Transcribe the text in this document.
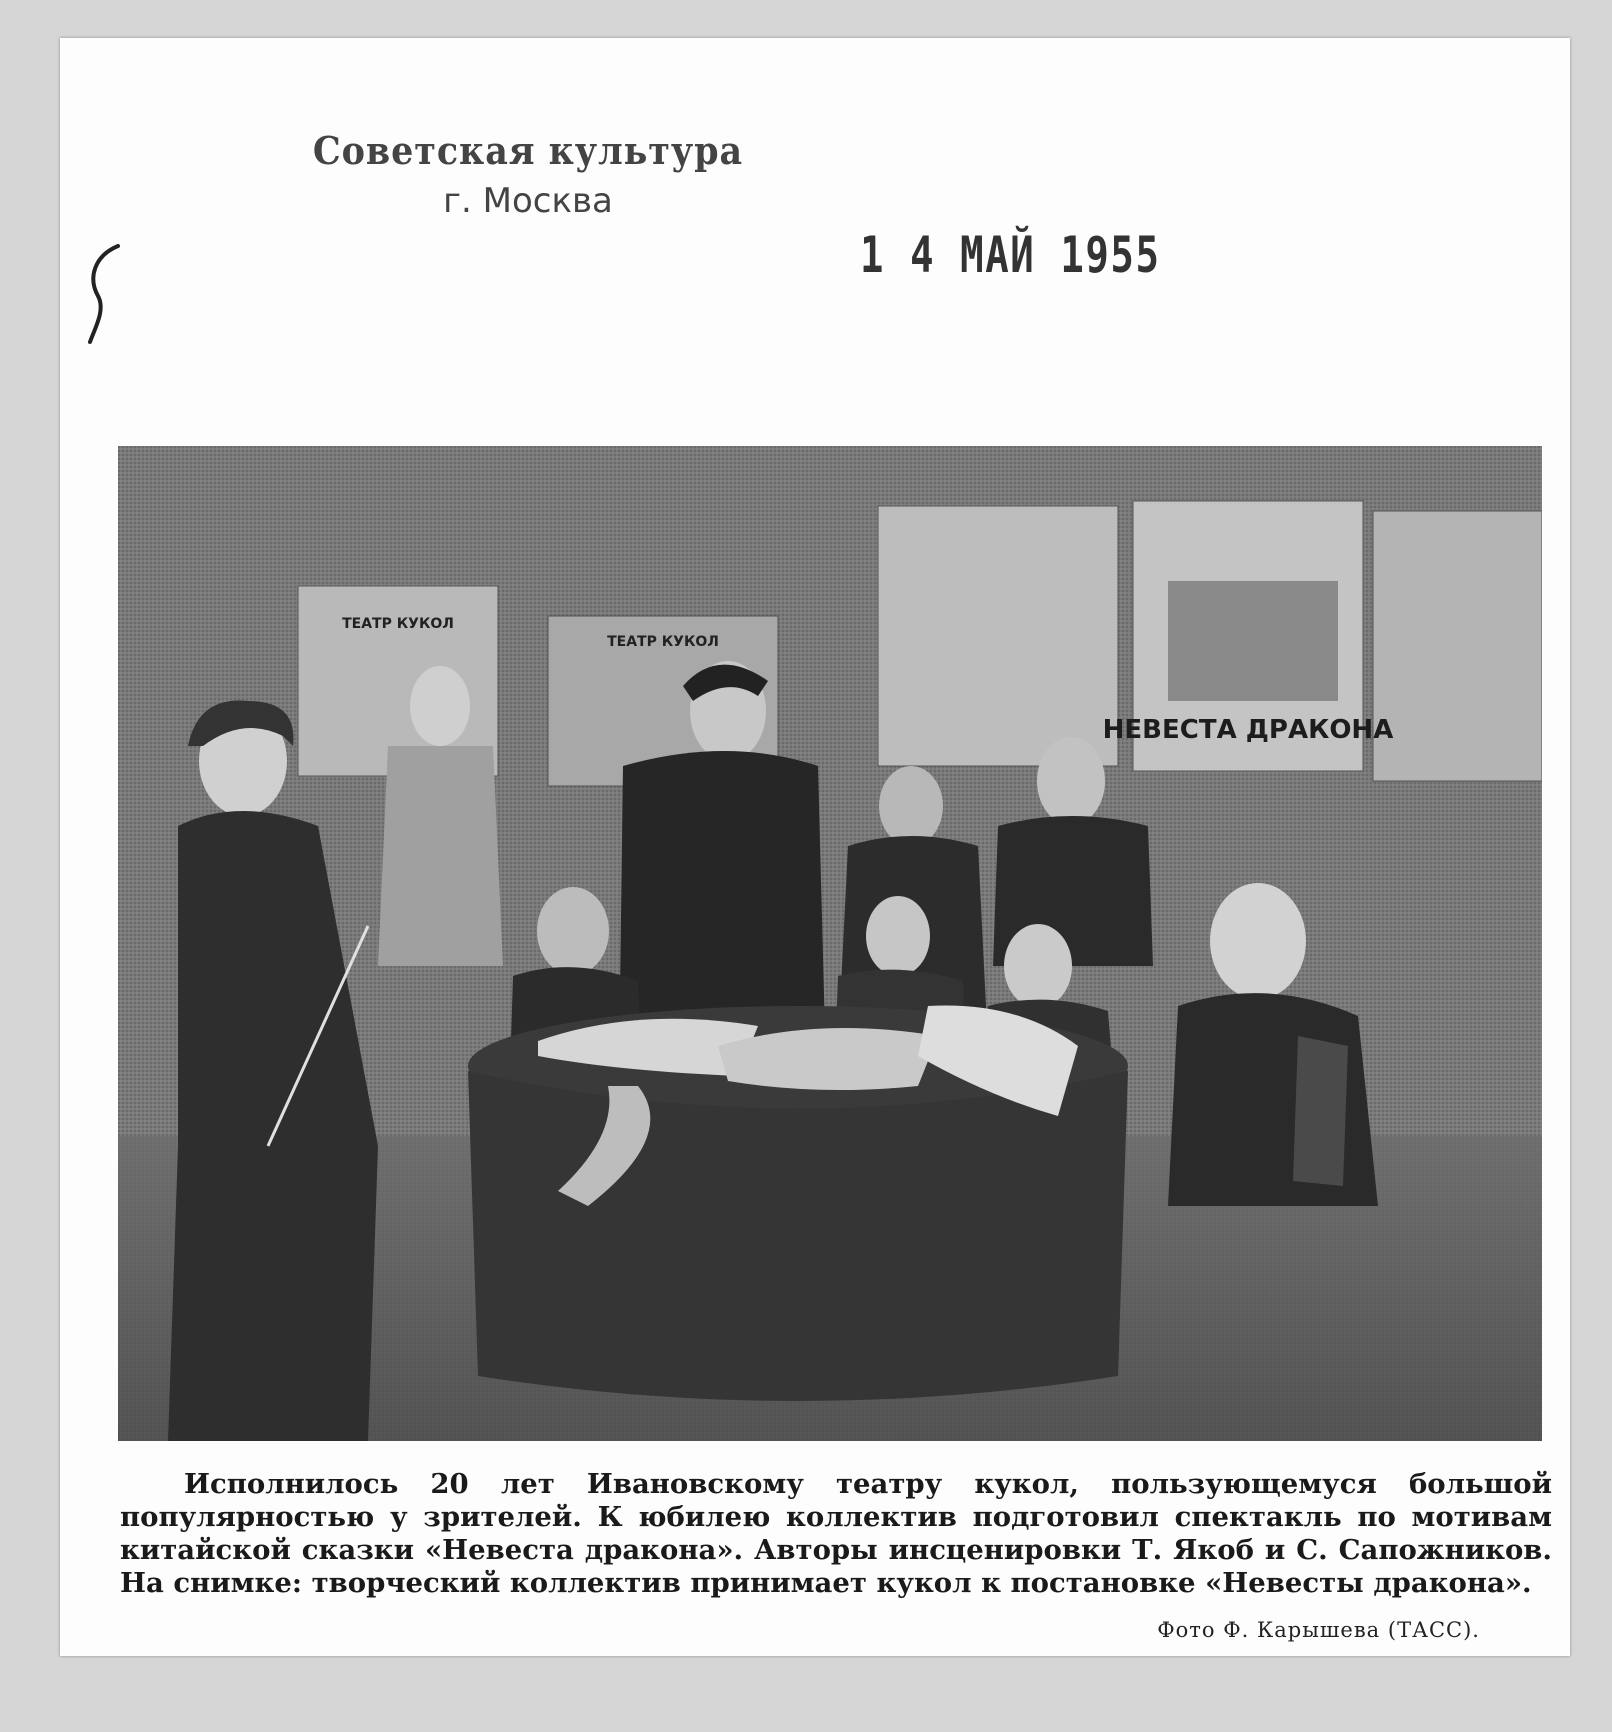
Советская культура
г. Москва
1 4 МАЙ 1955
ТЕАТР КУКОЛ
ТЕАТР КУКОЛ
НЕВЕСТА ДРАКОНА
Исполнилось 20 лет Ивановскому театру кукол, пользующемуся большой популярностью у зрителей. К юбилею коллектив подготовил спектакль по мотивам китайской сказки «Невеста дракона». Авторы инсценировки Т. Якоб и С. Сапожников. На снимке: творческий коллектив принимает кукол к постановке «Невесты дракона».
Фото Ф. Карышева (ТАСС).
